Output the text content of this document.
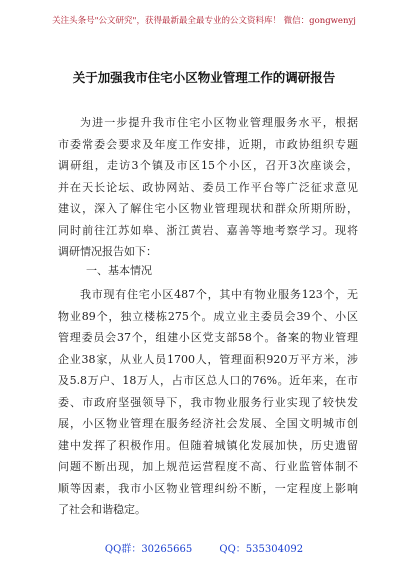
关注头条号"公文研究"，获得最新最全最专业的公文资料库！ 微信：gongwenyj
关于加强我市住宅小区物业管理工作的调研报告
为进一步提升我市住宅小区物业管理服务水平，根据
市委常委会要求及年度工作安排，近期，市政协组织专题
调研组，走访3个镇及市区15个小区，召开3次座谈会，
并在天长论坛、政协网站、委员工作平台等广泛征求意见
建议，深入了解住宅小区物业管理现状和群众所期所盼，
同时前往江苏如皋、浙江黄岩、嘉善等地考察学习。现将
调研情况报告如下：
一、基本情况
我市现有住宅小区487个，其中有物业服务123个，无
物业89个，独立楼栋275个。成立业主委员会39个、小区
管理委员会37个，组建小区党支部58个。备案的物业管理
企业38家，从业人员1700人，管理面积920万平方米，涉
及5.8万户、18万人，占市区总人口的76%。近年来，在市
委、市政府坚强领导下，我市物业服务行业实现了较快发
展，小区物业管理在服务经济社会发展、全国文明城市创
建中发挥了积极作用。但随着城镇化发展加快，历史遗留
问题不断出现，加上规范运营程度不高、行业监管体制不
顺等因素，我市小区物业管理纠纷不断，一定程度上影响
了社会和谐稳定。
QQ群：30265665	QQ：535304092
